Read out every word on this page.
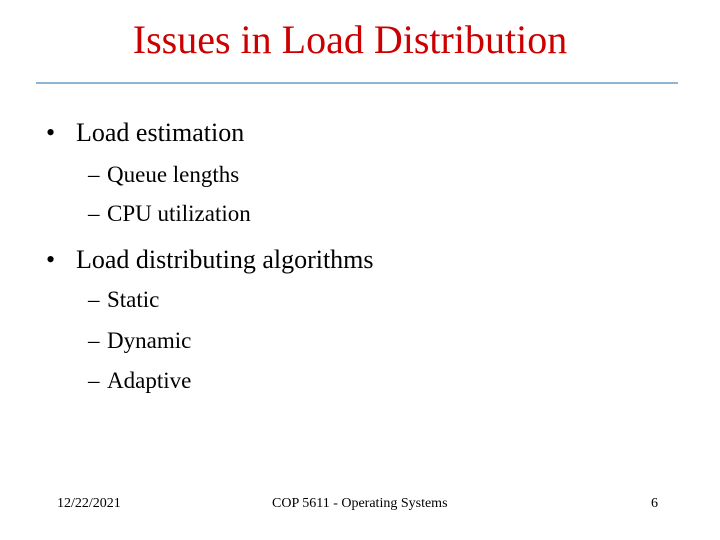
Issues in Load Distribution
• Load estimation
– Queue lengths
– CPU utilization
• Load distributing algorithms
– Static
– Dynamic
– Adaptive
12/22/2021	COP 5611 - Operating Systems	6
